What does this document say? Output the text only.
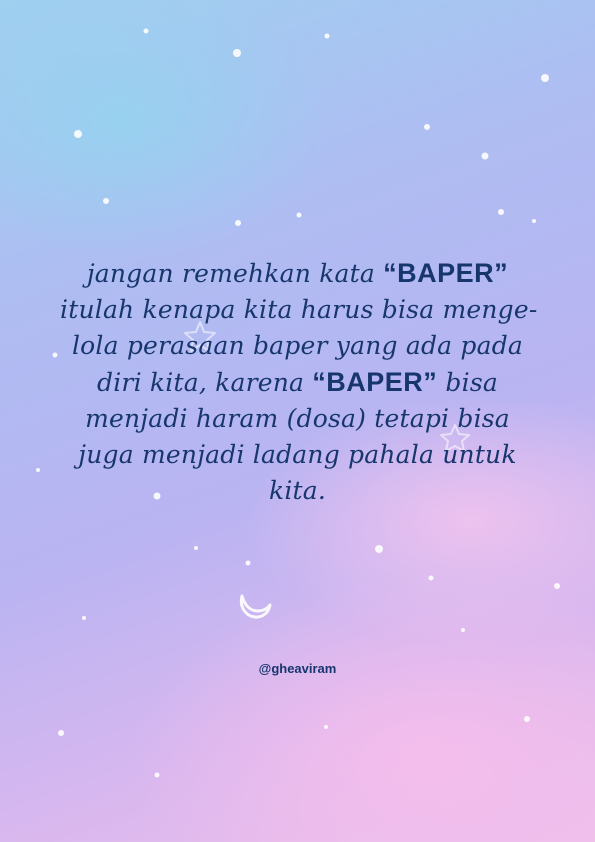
jangan remehkan kata “BAPER”
itulah kenapa kita harus bisa menge-
lola perasaan baper yang ada pada
diri kita, karena “BAPER” bisa
menjadi haram (dosa) tetapi bisa
juga menjadi ladang pahala untuk
kita.

@gheaviram
